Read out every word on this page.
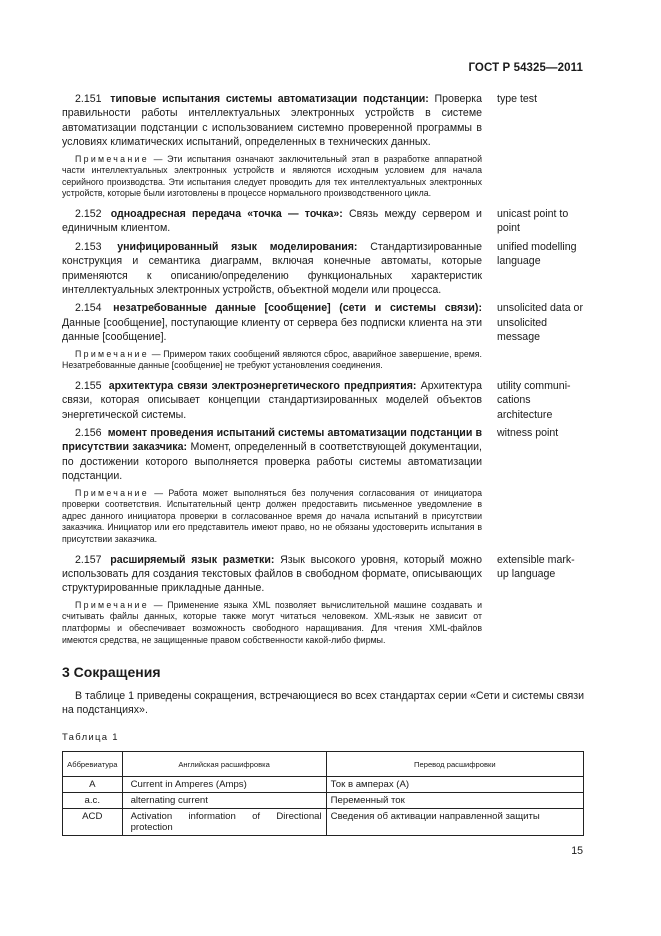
ГОСТ Р 54325—2011
2.151 типовые испытания системы автоматизации подстанции: Проверка правильности работы интеллектуальных электронных устройств в системе автоматизации подстанции с использованием системно проверенной программы в условиях климатических испытаний, определенных в технических данных.
type test
Примечание — Эти испытания означают заключительный этап в разработке аппаратной части интеллектуальных электронных устройств и являются исходным условием для начала серийного производства. Эти испытания следует проводить для тех интеллектуальных электронных устройств, которые были изготовлены в процессе нормального производственного цикла.
2.152 одноадресная передача «точка — точка»: Связь между сервером и единичным клиентом.
unicast point to point
2.153 унифицированный язык моделирования: Стандартизированные конструкция и семантика диаграмм, включая конечные автоматы, которые применяются к описанию/определению функциональных характеристик интеллектуальных электронных устройств, объектной модели или процесса.
unified modelling language
2.154 незатребованные данные [сообщение] (сети и системы связи): Данные [сообщение], поступающие клиенту от сервера без подписки клиента на эти данные [сообщение].
unsolicited data or unsolicited message
Примечание — Примером таких сообщений являются сброс, аварийное завершение, время. Незатребованные данные [сообщение] не требуют установления соединения.
2.155 архитектура связи электроэнергетического предприятия: Архитектура связи, которая описывает концепции стандартизированных моделей объектов энергетической системы.
utility communi-cations architecture
2.156 момент проведения испытаний системы автоматизации подстанции в присутствии заказчика: Момент, определенный в соответствующей документации, по достижении которого выполняется проверка работы системы автоматизации подстанции.
witness point
Примечание — Работа может выполняться без получения согласования от инициатора проверки соответствия. Испытательный центр должен предоставить письменное уведомление в адрес данного инициатора проверки в согласованное время до начала испытаний в присутствии заказчика. Инициатор или его представитель имеют право, но не обязаны удостоверить испытания в присутствии заказчика.
2.157 расширяемый язык разметки: Язык высокого уровня, который можно использовать для создания текстовых файлов в свободном формате, описывающих структурированные прикладные данные.
extensible mark-up language
Примечание — Применение языка XML позволяет вычислительной машине создавать и считывать файлы данных, которые также могут читаться человеком. XML-язык не зависит от платформы и обеспечивает возможность свободного наращивания. Для чтения XML-файлов имеются средства, не защищенные правом собственности какой-либо фирмы.
3 Сокращения
В таблице 1 приведены сокращения, встречающиеся во всех стандартах серии «Сети и системы связи на подстанциях».
Таблица 1
Аббревиатура	Английская расшифровка	Перевод расшифровки
A	Current in Amperes (Amps)	Ток в амперах (А)
a.c.	alternating current	Переменный ток
ACD	Activation information of Directional protection	Сведения об активации направленной защиты
15
